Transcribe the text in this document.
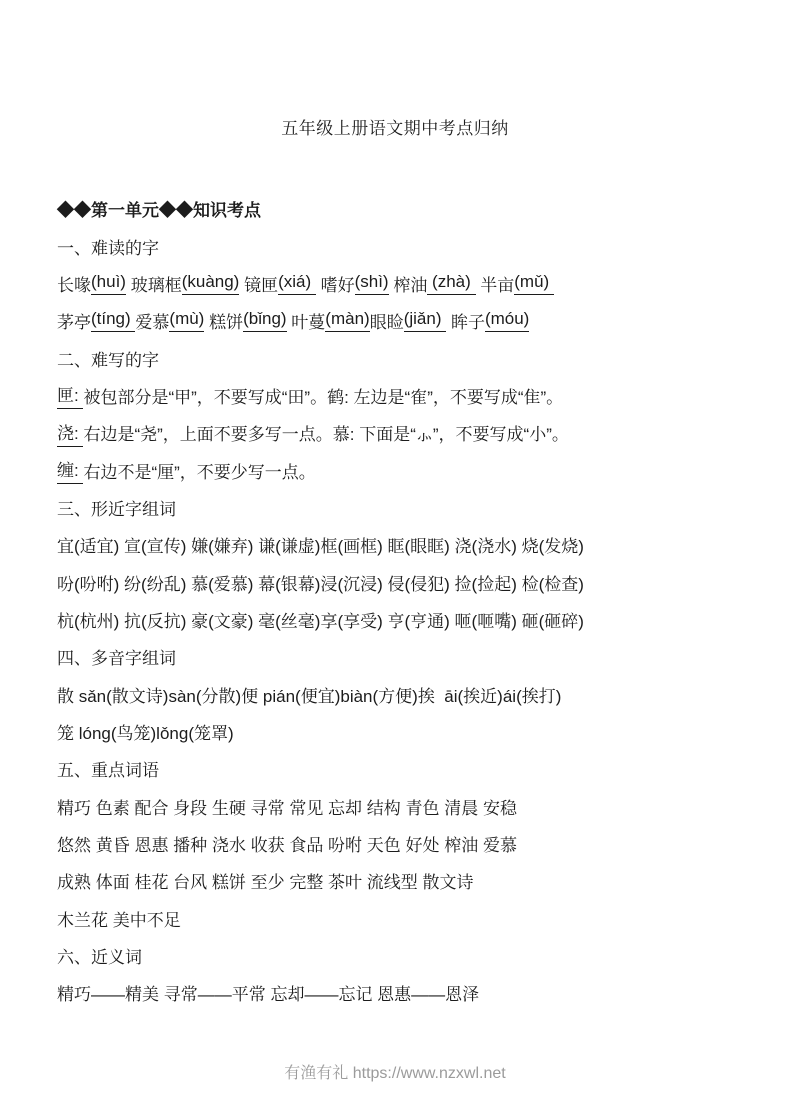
五年级上册语文期中考点归纳
◆◆第一单元◆◆知识考点
一、难读的字
长喙 (huì) 玻璃框 (kuàng) 镜匣 (xiá) 嗜好 (shì) 榨油 (zhà) 半亩 (mǔ)
茅亭 (tíng) 爱慕 (mù) 糕饼 (bǐng) 叶蔓 (màn) 眼睑 (jiǎn) 眸子 (móu)
二、难写的字
匣: 被包部分是“甲”，不要写成“田”。鹤: 左边是“隺”，不要写成“隹”。
浇: 右边是“尧”，上面不要多写一点。慕: 下面是“⺗”，不要写成“小”。
缠: 右边不是“厘”，不要少写一点。
三、形近字组词
宜(适宜) 宣(宣传) 嫌(嫌弃) 谦(谦虚)框(画框) 眶(眼眶) 浇(浇水) 烧(发烧)
吩(吩咐) 纷(纷乱) 慕(爱慕) 幕(银幕)浸(沉浸) 侵(侵犯) 捡(捡起) 检(检查)
杭(杭州) 抗(反抗) 豪(文豪) 毫(丝毫)享(享受) 亨(亨通) 咂(咂嘴) 砸(砸碎)
四、多音字组词
散 sǎn(散文诗)sàn(分散)便 pián(便宜)biàn(方便)挨  āi(挨近)ái(挨打)
笼 lóng(鸟笼)lǒng(笼罩)
五、重点词语
精巧 色素 配合 身段 生硬 寻常 常见 忘却 结构 青色 清晨 安稳
悠然 黄昏 恩惠 播种 浇水 收获 食品 吩咐 天色 好处 榨油 爱慕
成熟 体面 桂花 台风 糕饼 至少 完整 茶叶 流线型 散文诗
木兰花 美中不足
六、近义词
精巧——精美 寻常——平常 忘却——忘记 恩惠——恩泽
有渔有礼 https://www.nzxwl.net
